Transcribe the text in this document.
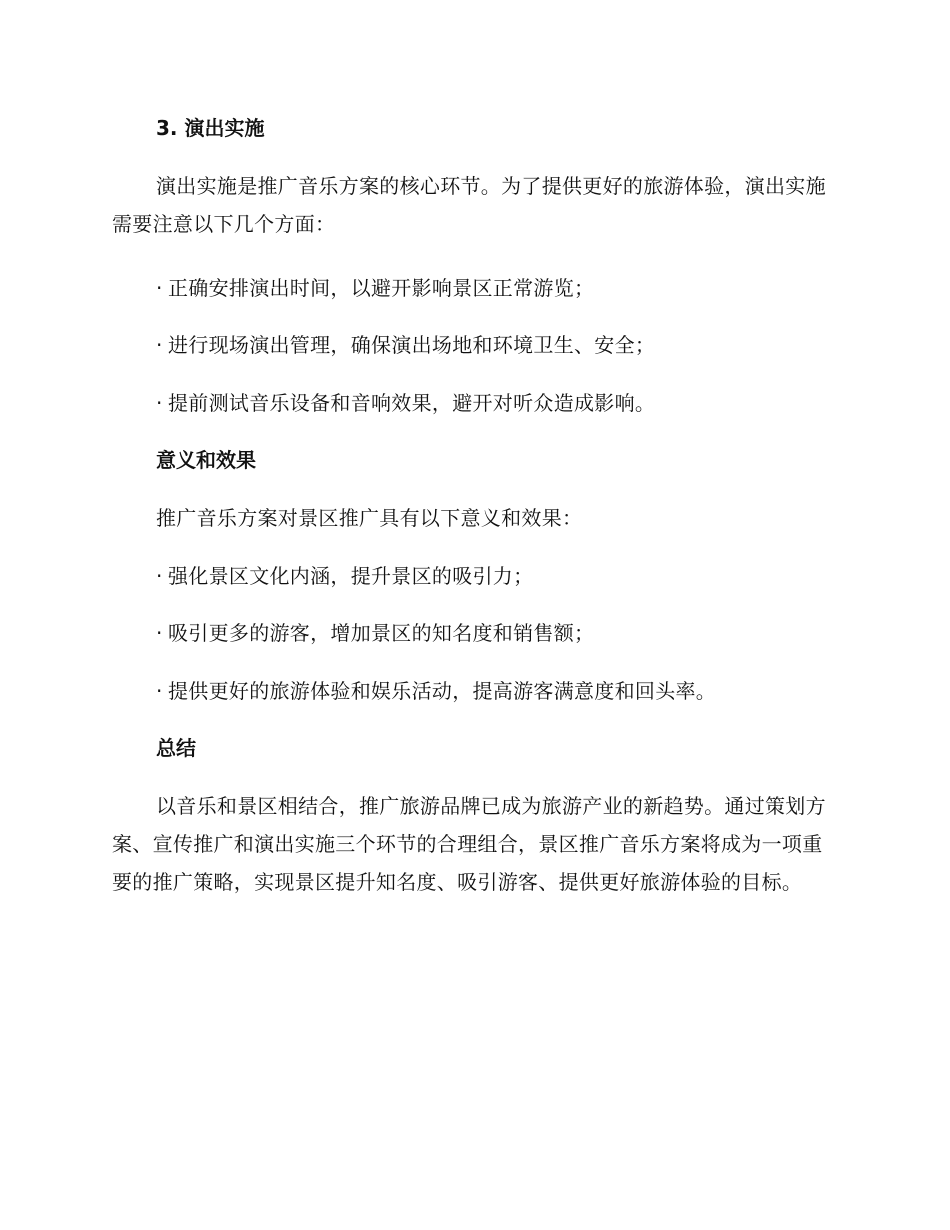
3. 演出实施

演出实施是推广音乐方案的核心环节。为了提供更好的旅游体验，演出实施需要注意以下几个方面：

· 正确安排演出时间，以避开影响景区正常游览；
· 进行现场演出管理，确保演出场地和环境卫生、安全；
· 提前测试音乐设备和音响效果，避开对听众造成影响。
意义和效果
推广音乐方案对景区推广具有以下意义和效果：
· 强化景区文化内涵，提升景区的吸引力；
· 吸引更多的游客，增加景区的知名度和销售额；
· 提供更好的旅游体验和娱乐活动，提高游客满意度和回头率。
总结

以音乐和景区相结合，推广旅游品牌已成为旅游产业的新趋势。通过策划方案、宣传推广和演出实施三个环节的合理组合，景区推广音乐方案将成为一项重要的推广策略，实现景区提升知名度、吸引游客、提供更好旅游体验的目标。
